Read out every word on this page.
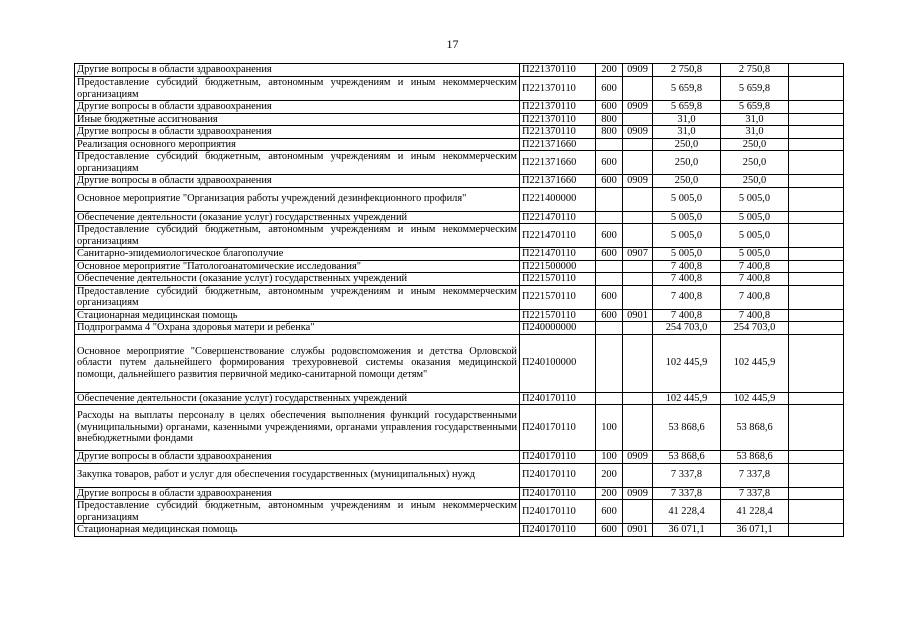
17
Другие вопросы в области здравоохранения	П221370110	200	0909	2 750,8	2 750,8	
Предоставление субсидий бюджетным, автономным учреждениям и иным некоммерческим организациям	П221370110	600		5 659,8	5 659,8	
Другие вопросы в области здравоохранения	П221370110	600	0909	5 659,8	5 659,8	
Иные бюджетные ассигнования	П221370110	800		31,0	31,0	
Другие вопросы в области здравоохранения	П221370110	800	0909	31,0	31,0	
Реализация основного мероприятия	П221371660			250,0	250,0	
Предоставление субсидий бюджетным, автономным учреждениям и иным некоммерческим организациям	П221371660	600		250,0	250,0	
Другие вопросы в области здравоохранения	П221371660	600	0909	250,0	250,0	
Основное мероприятие "Организация работы учреждений дезинфекционного профиля"	П221400000			5 005,0	5 005,0	
Обеспечение деятельности (оказание услуг) государственных учреждений	П221470110			5 005,0	5 005,0	
Предоставление субсидий бюджетным, автономным учреждениям и иным некоммерческим организациям	П221470110	600		5 005,0	5 005,0	
Санитарно-эпидемиологическое благополучие	П221470110	600	0907	5 005,0	5 005,0	
Основное мероприятие "Патологоанатомические исследования"	П221500000			7 400,8	7 400,8	
Обеспечение деятельности (оказание услуг) государственных учреждений	П221570110			7 400,8	7 400,8	
Предоставление субсидий бюджетным, автономным учреждениям и иным некоммерческим организациям	П221570110	600		7 400,8	7 400,8	
Стационарная медицинская помощь	П221570110	600	0901	7 400,8	7 400,8	
Подпрограмма 4 "Охрана здоровья матери и ребенка"	П240000000			254 703,0	254 703,0	
Основное мероприятие "Совершенствование службы родовспоможения и детства Орловской области путем дальнейшего формирования трехуровневой системы оказания медицинской помощи, дальнейшего развития первичной медико-санитарной помощи детям"	П240100000			102 445,9	102 445,9	
Обеспечение деятельности (оказание услуг) государственных учреждений	П240170110			102 445,9	102 445,9	
Расходы на выплаты персоналу в целях обеспечения выполнения функций государственными (муниципальными) органами, казенными учреждениями, органами управления государственными внебюджетными фондами	П240170110	100		53 868,6	53 868,6	
Другие вопросы в области здравоохранения	П240170110	100	0909	53 868,6	53 868,6	
Закупка товаров, работ и услуг для обеспечения государственных (муниципальных) нужд	П240170110	200		7 337,8	7 337,8	
Другие вопросы в области здравоохранения	П240170110	200	0909	7 337,8	7 337,8	
Предоставление субсидий бюджетным, автономным учреждениям и иным некоммерческим организациям	П240170110	600		41 228,4	41 228,4	
Стационарная медицинская помощь	П240170110	600	0901	36 071,1	36 071,1	
